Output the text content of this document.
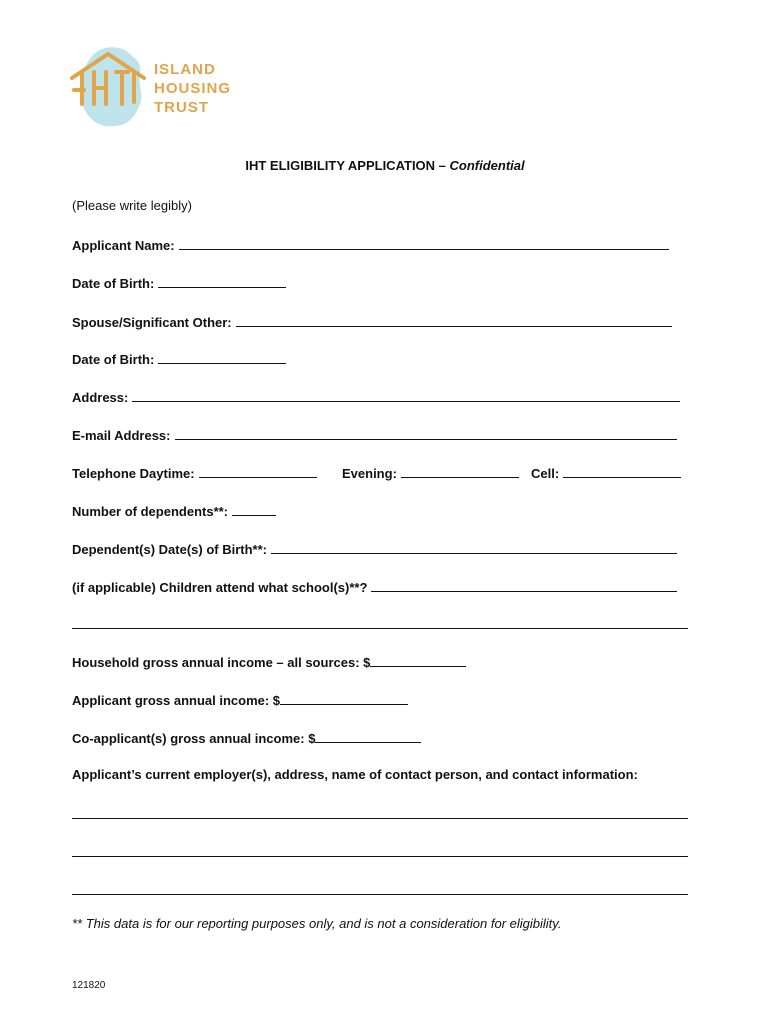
ISLAND
HOUSING
TRUST
IHT ELIGIBILITY APPLICATION – Confidential
(Please write legibly)
Applicant Name:
Date of Birth:
Spouse/Significant Other:
Date of Birth:
Address:
E-mail Address:
Telephone Daytime:	Evening:	Cell:
Number of dependents**:
Dependent(s) Date(s) of Birth**:
(if applicable) Children attend what school(s)**?
Household gross annual income – all sources: $
Applicant gross annual income: $
Co-applicant(s) gross annual income: $
Applicant’s current employer(s), address, name of contact person, and contact information:
** This data is for our reporting purposes only, and is not a consideration for eligibility.
121820
